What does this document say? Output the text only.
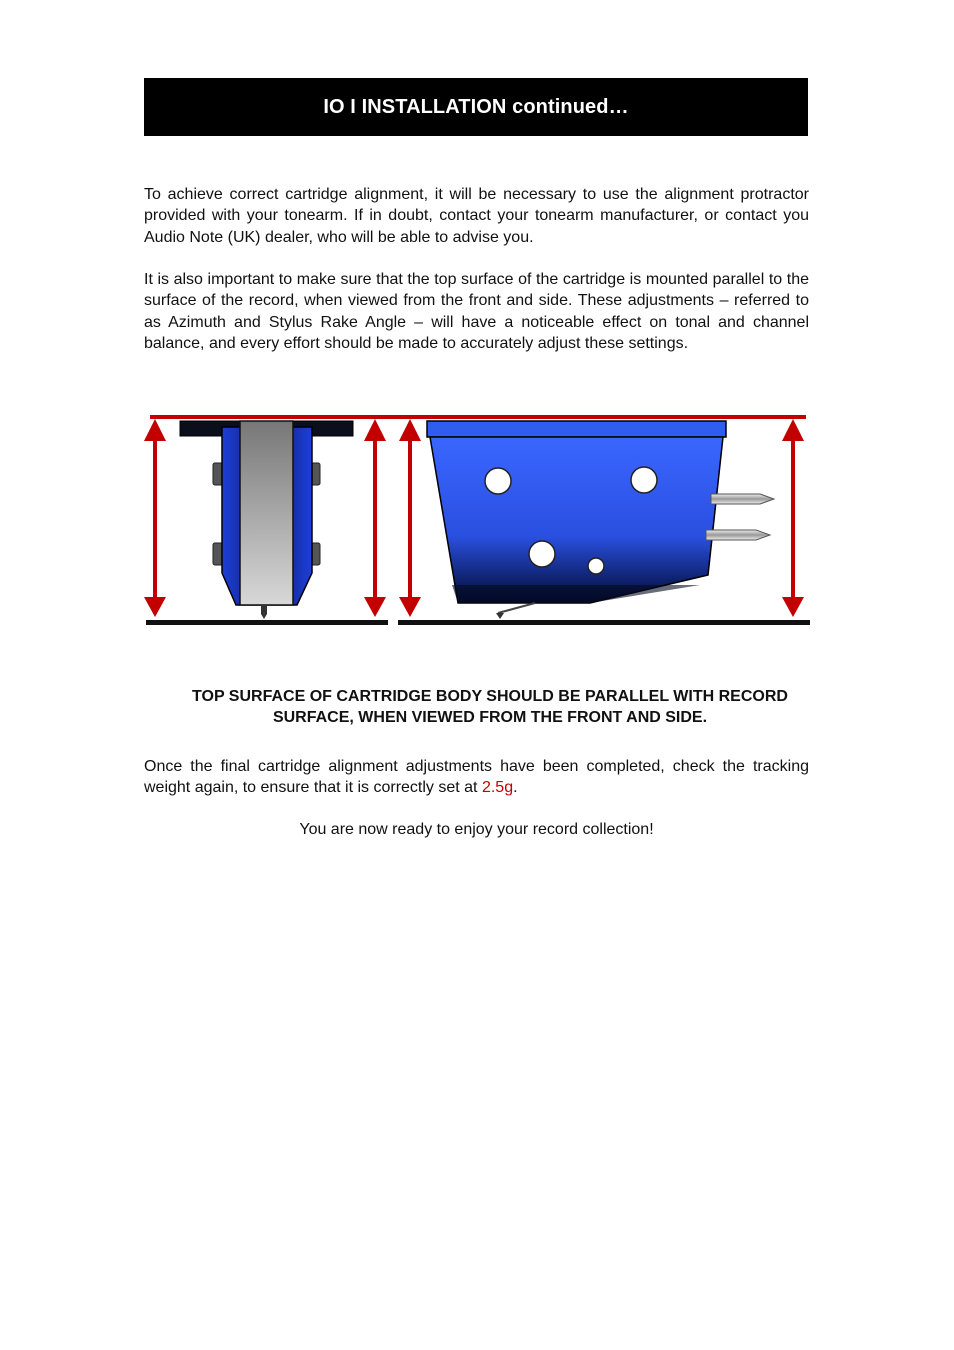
IO I INSTALLATION continued…

To achieve correct cartridge alignment, it will be necessary to use the alignment protractor provided with your tonearm. If in doubt, contact your tonearm manufacturer, or contact you Audio Note (UK) dealer, who will be able to advise you.

It is also important to make sure that the top surface of the cartridge is mounted parallel to the surface of the record, when viewed from the front and side. These adjustments – referred to as Azimuth and Stylus Rake Angle – will have a noticeable effect on tonal and channel balance, and every effort should be made to accurately adjust these settings.

TOP SURFACE OF CARTRIDGE BODY SHOULD BE PARALLEL WITH RECORD SURFACE, WHEN VIEWED FROM THE FRONT AND SIDE.

Once the final cartridge alignment adjustments have been completed, check the tracking weight again, to ensure that it is correctly set at 2.5g.

You are now ready to enjoy your record collection!
